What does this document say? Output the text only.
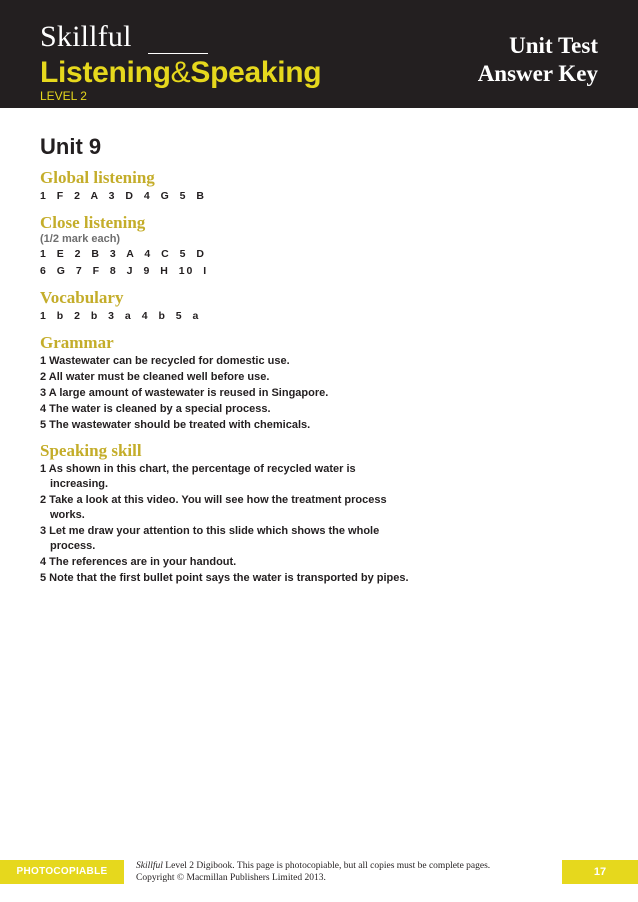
Skillful
Listening&Speaking
LEVEL 2
Unit Test
Answer Key
Unit 9
Global listening
1 F 2 A 3 D 4 G 5 B
Close listening
(1/2 mark each)
1 E 2 B 3 A 4 C 5 D
6 G 7 F 8 J 9 H 10 I
Vocabulary
1 b 2 b 3 a 4 b 5 a
Grammar
1 Wastewater can be recycled for domestic use.
2 All water must be cleaned well before use.
3 A large amount of wastewater is reused in Singapore.
4 The water is cleaned by a special process.
5 The wastewater should be treated with chemicals.
Speaking skill
1 As shown in this chart, the percentage of recycled water is increasing.
2 Take a look at this video. You will see how the treatment process works.
3 Let me draw your attention to this slide which shows the whole process.
4 The references are in your handout.
5 Note that the first bullet point says the water is transported by pipes.
PHOTOCOPIABLE	Skillful Level 2 Digibook. This page is photocopiable, but all copies must be complete pages.
Copyright © Macmillan Publishers Limited 2013.	17
